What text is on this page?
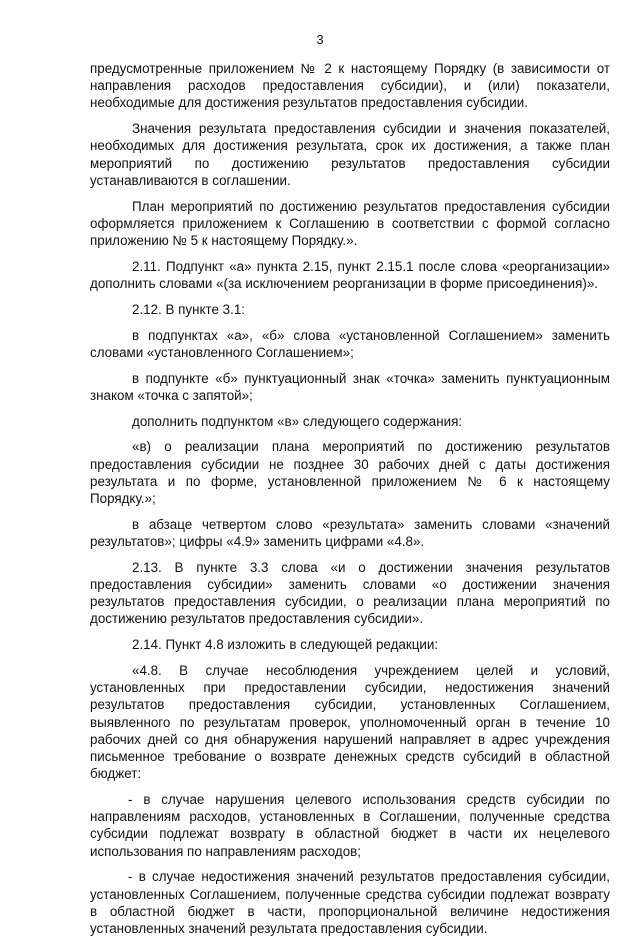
3

предусмотренные приложением № 2 к настоящему Порядку (в зависимости от направления расходов предоставления субсидии), и (или) показатели, необходимые для достижения результатов предоставления субсидии.

Значения результата предоставления субсидии и значения показателей, необходимых для достижения результата, срок их достижения, а также план мероприятий по достижению результатов предоставления субсидии устанавливаются в соглашении.

План мероприятий по достижению результатов предоставления субсидии оформляется приложением к Соглашению в соответствии с формой согласно приложению № 5 к настоящему Порядку.».

2.11. Подпункт «а» пункта 2.15, пункт 2.15.1 после слова «реорганизации» дополнить словами «(за исключением реорганизации в форме присоединения)».

2.12. В пункте 3.1:

в подпунктах «а», «б» слова «установленной Соглашением» заменить словами «установленного Соглашением»;

в подпункте «б» пунктуационный знак «точка» заменить пунктуационным знаком «точка с запятой»;

дополнить подпунктом «в» следующего содержания:

«в) о реализации плана мероприятий по достижению результатов предоставления субсидии не позднее 30 рабочих дней с даты достижения результата и по форме, установленной приложением № 6 к настоящему Порядку.»;

в абзаце четвертом слово «результата» заменить словами «значений результатов»; цифры «4.9» заменить цифрами «4.8».

2.13. В пункте 3.3 слова «и о достижении значения результатов предоставления субсидии» заменить словами «о достижении значения результатов предоставления субсидии, о реализации плана мероприятий по достижению результатов предоставления субсидии».

2.14. Пункт 4.8 изложить в следующей редакции:

«4.8. В случае несоблюдения учреждением целей и условий, установленных при предоставлении субсидии, недостижения значений результатов предоставления субсидии, установленных Соглашением, выявленного по результатам проверок, уполномоченный орган в течение 10 рабочих дней со дня обнаружения нарушений направляет в адрес учреждения письменное требование о возврате денежных средств субсидий в областной бюджет:

- в случае нарушения целевого использования средств субсидии по направлениям расходов, установленных в Соглашении, полученные средства субсидии подлежат возврату в областной бюджет в части их нецелевого использования по направлениям расходов;

- в случае недостижения значений результатов предоставления субсидии, установленных Соглашением, полученные средства субсидии подлежат возврату в областной бюджет в части, пропорциональной величине недостижения установленных значений результата предоставления субсидии.
